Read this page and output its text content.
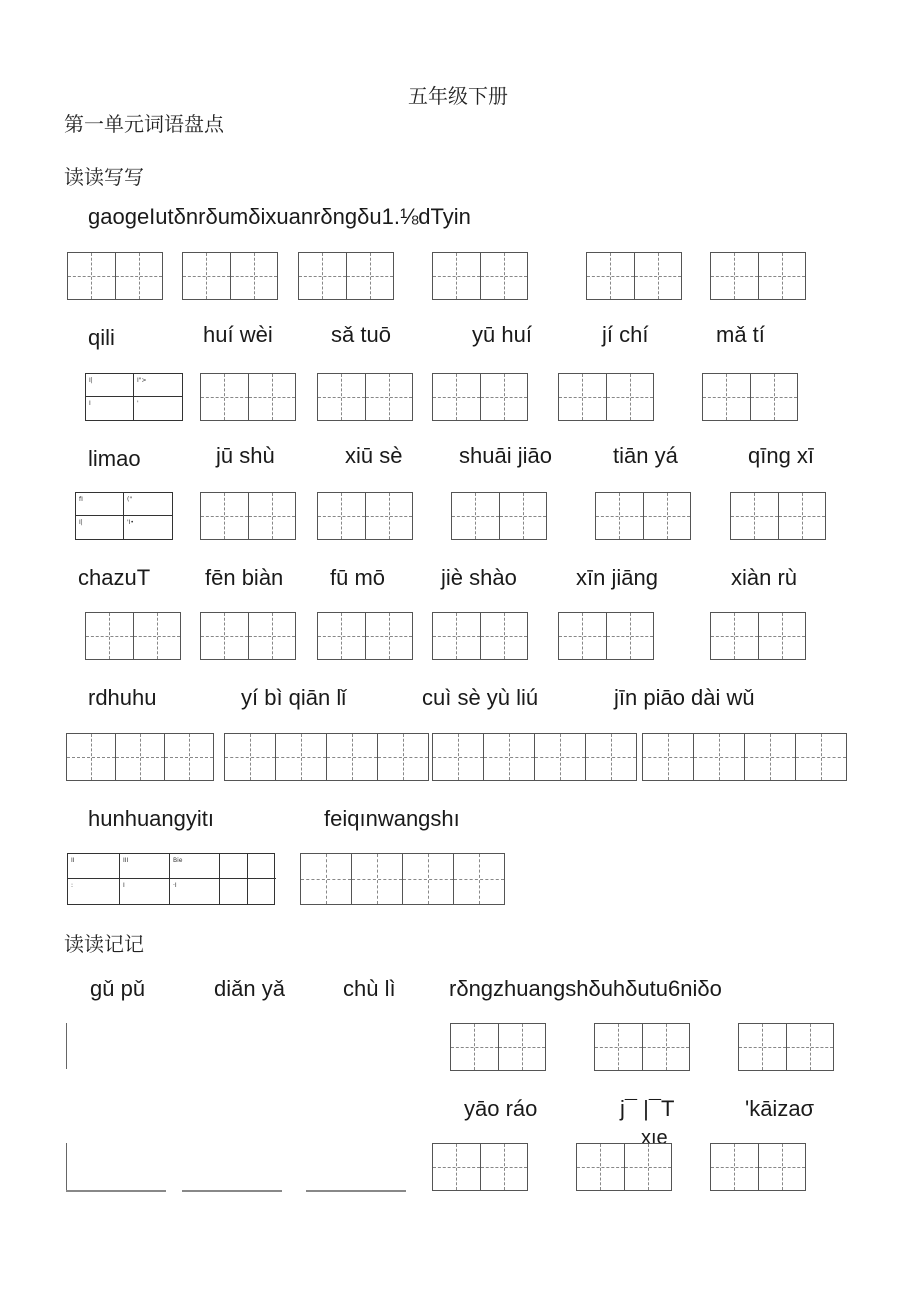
五年级下册
第一单元词语盘点
读读写写
gaogeIutδnrδumδixuanrδngδu1.⅛dTyin
qili	huí wèi	sǎ tuō	yū huí	jí chí	mǎ tí
I|	I">
I	'
limao	jū shù	xiū sè	shuāi jiāo	tiān yá	qīng xī
fI	("
I|	'I•
chazuT fēn biàn fū mō	jiè shào	xīn jiāng	xiàn rù
rdhuhu	yí bì qiān lǐ	cuì sè yù liú	jīn piāo dài wǔ
hunhuangyitı	feiqınwangshı
II	III	Bie
:	I	·I
读读记记
gǔ pǔ	diǎn yǎ	chù lì rδngzhuangshδuhδutu6niδo
yāo ráo	j¯ |¯T
xıe
'kāizaσ
